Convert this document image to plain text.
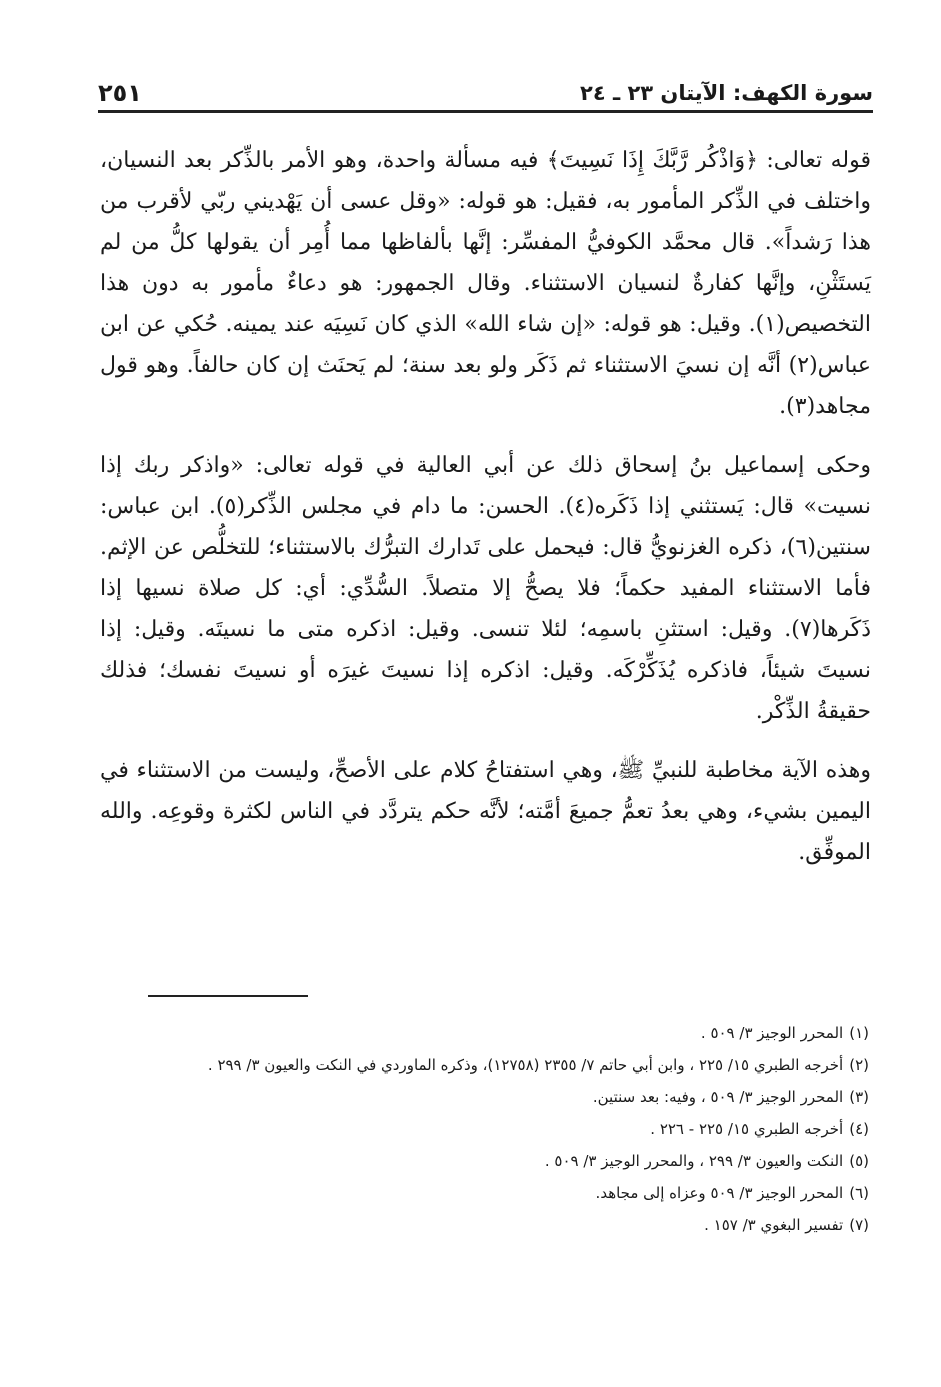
سورة الكهف: الآيتان ٢٣ ـ ٢٤
٢٥١

قوله تعالى: ﴿وَاذْكُر رَّبَّكَ إِذَا نَسِيتَ﴾ فيه مسألة واحدة، وهو الأمر بالذِّكر بعد النسيان، واختلف في الذِّكر المأمور به، فقيل: هو قوله: «وقل عسى أن يَهْديني ربّي لأقرب من هذا رَشداً». قال محمَّد الكوفيُّ المفسِّر: إنَّها بألفاظها مما أُمِر أن يقولها كلُّ من لم يَستَثْنِ، وإنَّها كفارةٌ لنسيان الاستثناء. وقال الجمهور: هو دعاءٌ مأمور به دون هذا التخصيص(١). وقيل: هو قوله: «إن شاء الله» الذي كان نَسِيَه عند يمينه. حُكي عن ابن عباس(٢) أنَّه إن نسيَ الاستثناء ثم ذَكَر ولو بعد سنة؛ لم يَحنَث إن كان حالفاً. وهو قول مجاهد(٣).

وحكى إسماعيل بنُ إسحاق ذلك عن أبي العالية في قوله تعالى: «واذكر ربك إذا نسيت» قال: يَستثني إذا ذَكَره(٤). الحسن: ما دام في مجلس الذِّكر(٥). ابن عباس: سنتين(٦)، ذكره الغزنويُّ قال: فيحمل على تَدارك التبرُّك بالاستثناء؛ للتخلُّص عن الإثم. فأما الاستثناء المفيد حكماً؛ فلا يصحُّ إلا متصلاً. السُّدِّي: أي: كل صلاة نسيها إذا ذَكَرها(٧). وقيل: استثنِ باسمِه؛ لئلا تنسى. وقيل: اذكره متى ما نسيتَه. وقيل: إذا نسيتَ شيئاً، فاذكره يُذَكِّرْكَه. وقيل: اذكره إذا نسيتَ غيرَه أو نسيتَ نفسك؛ فذلك حقيقةُ الذِّكْر.

وهذه الآية مخاطبة للنبيِّ ﷺ، وهي استفتاحُ كلام على الأصحِّ، وليست من الاستثناء في اليمين بشيء، وهي بعدُ تعمُّ جميعَ أمَّته؛ لأنَّه حكم يتردَّد في الناس لكثرة وقوعِه. والله الموفِّق.

(١)المحرر الوجيز ٣/ ٥٠٩ .

(٢)أخرجه الطبري ١٥/ ٢٢٥ ، وابن أبي حاتم ٧/ ٢٣٥٥ (١٢٧٥٨)، وذكره الماوردي في النكت والعيون ٣/ ٢٩٩ .

(٣)المحرر الوجيز ٣/ ٥٠٩ ، وفيه: بعد سنتين.

(٤)أخرجه الطبري ١٥/ ٢٢٥ - ٢٢٦ .

(٥)النكت والعيون ٣/ ٢٩٩ ، والمحرر الوجيز ٣/ ٥٠٩ .

(٦)المحرر الوجيز ٣/ ٥٠٩ وعزاه إلى مجاهد.

(٧)تفسير البغوي ٣/ ١٥٧ .
